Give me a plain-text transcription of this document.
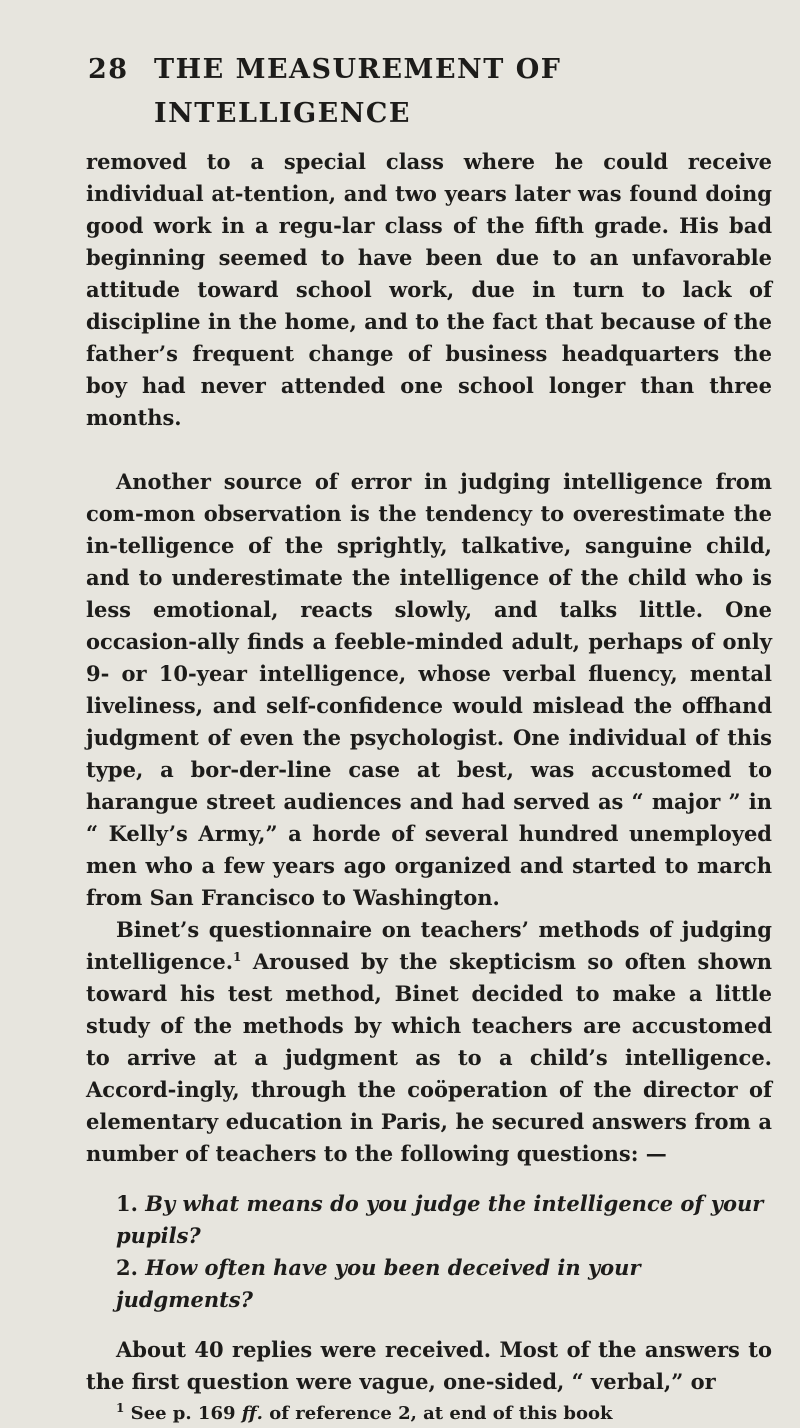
28 THE MEASUREMENT OF INTELLIGENCE

removed to a special class where he could receive individual at-tention, and two years later was found doing good work in a regu-lar class of the fifth grade. His bad beginning seemed to have been due to an unfavorable attitude toward school work, due in turn to lack of discipline in the home, and to the fact that because of the father’s frequent change of business headquarters the boy had never attended one school longer than three months.

Another source of error in judging intelligence from com-mon observation is the tendency to overestimate the in-telligence of the sprightly, talkative, sanguine child, and to underestimate the intelligence of the child who is less emotional, reacts slowly, and talks little. One occasion-ally finds a feeble-minded adult, perhaps of only 9- or 10-year intelligence, whose verbal fluency, mental liveliness, and self-confidence would mislead the offhand judgment of even the psychologist. One individual of this type, a bor-der-line case at best, was accustomed to harangue street audiences and had served as “ major ” in “ Kelly’s Army,” a horde of several hundred unemployed men who a few years ago organized and started to march from San Francisco to Washington.

Binet’s questionnaire on teachers’ methods of judging intelligence.$^1$ Aroused by the skepticism so often shown toward his test method, Binet decided to make a little study of the methods by which teachers are accustomed to arrive at a judgment as to a child’s intelligence. Accord-ingly, through the coöperation of the director of elementary education in Paris, he secured answers from a number of teachers to the following questions: —

1. By what means do you judge the intelligence of your pupils?
2. How often have you been deceived in your judgments?

About 40 replies were received. Most of the answers to the first question were vague, one-sided, “ verbal,” or

$^1$ See p. 169 ff. of reference 2, at end of this book
